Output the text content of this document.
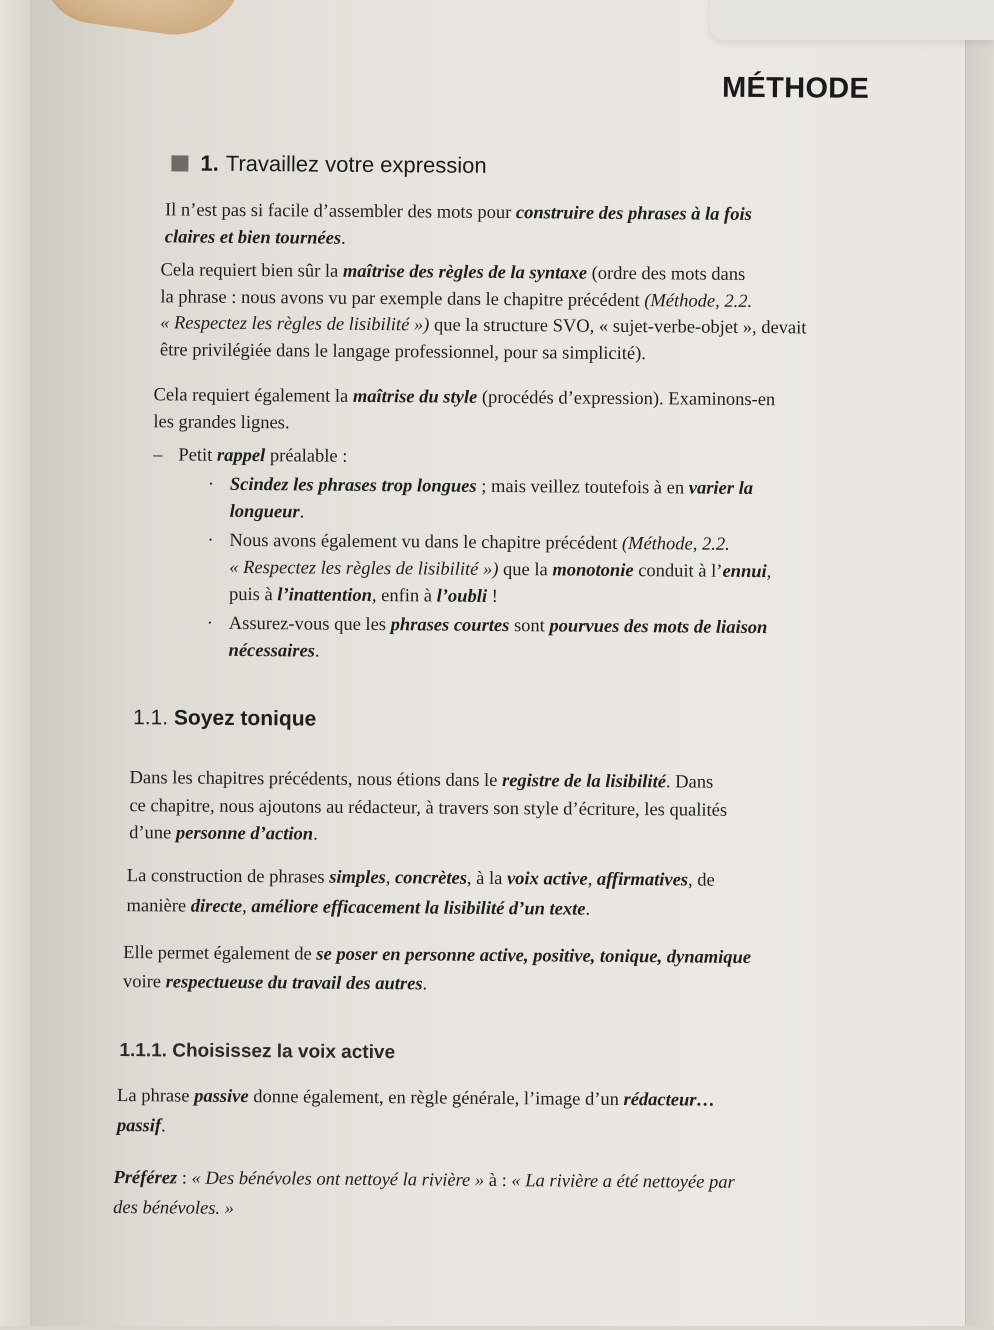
MÉTHODE
1. Travaillez votre expression
Il n’est pas si facile d’assembler des mots pour construire des phrases à la fois
claires et bien tournées.
Cela requiert bien sûr la maîtrise des règles de la syntaxe (ordre des mots dans
la phrase : nous avons vu par exemple dans le chapitre précédent (Méthode, 2.2.
« Respectez les règles de lisibilité ») que la structure SVO, « sujet-verbe-objet », devait
être privilégiée dans le langage professionnel, pour sa simplicité).
Cela requiert également la maîtrise du style (procédés d’expression). Examinons-en
les grandes lignes.
– Petit rappel préalable :
· Scindez les phrases trop longues ; mais veillez toutefois à en varier la
longueur.
· Nous avons également vu dans le chapitre précédent (Méthode, 2.2.
« Respectez les règles de lisibilité ») que la monotonie conduit à l’ennui,
puis à l’inattention, enfin à l’oubli !
· Assurez-vous que les phrases courtes sont pourvues des mots de liaison
nécessaires.
1.1. Soyez tonique
Dans les chapitres précédents, nous étions dans le registre de la lisibilité. Dans
ce chapitre, nous ajoutons au rédacteur, à travers son style d’écriture, les qualités
d’une personne d’action.
La construction de phrases simples, concrètes, à la voix active, affirmatives, de
manière directe, améliore efficacement la lisibilité d’un texte.
Elle permet également de se poser en personne active, positive, tonique, dynamique
voire respectueuse du travail des autres.
1.1.1. Choisissez la voix active
La phrase passive donne également, en règle générale, l’image d’un rédacteur…
passif.
Préférez : « Des bénévoles ont nettoyé la rivière » à : « La rivière a été nettoyée par
des bénévoles. »
